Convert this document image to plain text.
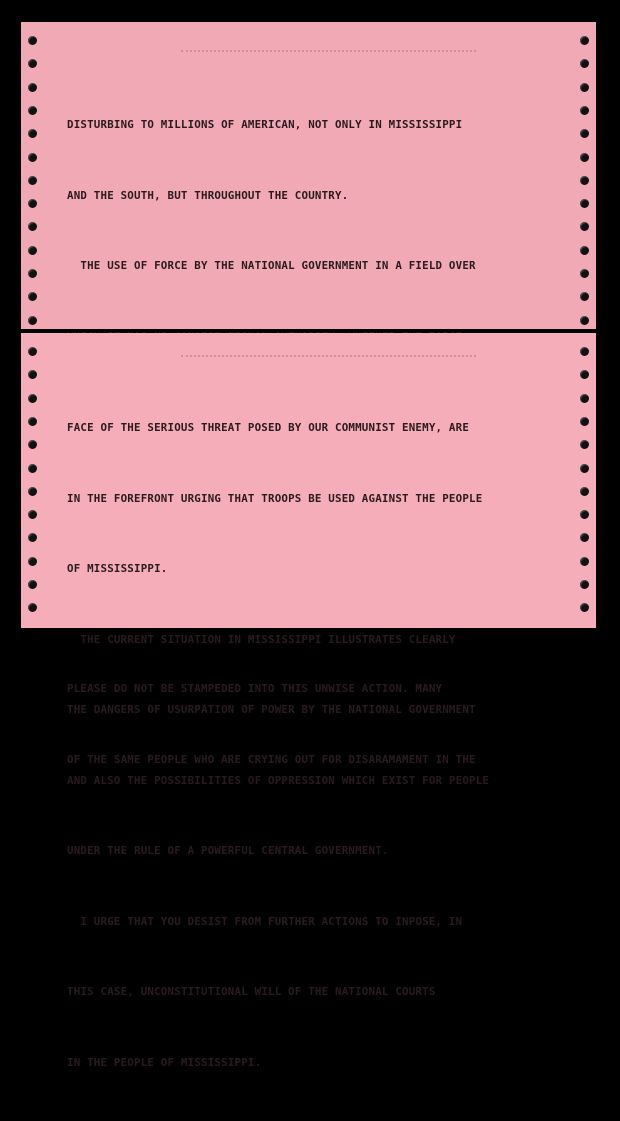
DISTURBING TO MILLIONS OF AMERICAN, NOT ONLY IN MISSISSIPPI

AND THE SOUTH, BUT THROUGHOUT THE COUNTRY.

THE USE OF FORCE BY THE NATIONAL GOVERNMENT IN A FIELD OVER

PLEASE DO NOT BE STAMPEDED INTO THIS UNWISE ACTION. MANY

OF THE SAME PEOPLE WHO ARE CRYING OUT FOR DISARAMAMENT IN THE

FACE OF THE SERIOUS THREAT POSED BY OUR COMMUNIST ENEMY, ARE

IN THE FOREFRONT URGING THAT TROOPS BE USED AGAINST THE PEOPLE

OF MISSISSIPPI.

THE CURRENT SITUATION IN MISSISSIPPI ILLUSTRATES CLEARLY

THE DANGERS OF USURPATION OF POWER BY THE NATIONAL GOVERNMENT

AND ALSO THE POSSIBILITIES OF OPPRESSION WHICH EXIST FOR PEOPLE

UNDER THE RULE OF A POWERFUL CENTRAL GOVERNMENT.

I URGE THAT YOU DESIST FROM FURTHER ACTIONS TO INPOSE, IN

THIS CASE, UNCONSTITUTIONAL WILL OF THE NATIONAL COURTS

IN THE PEOPLE OF MISSISSIPPI.
